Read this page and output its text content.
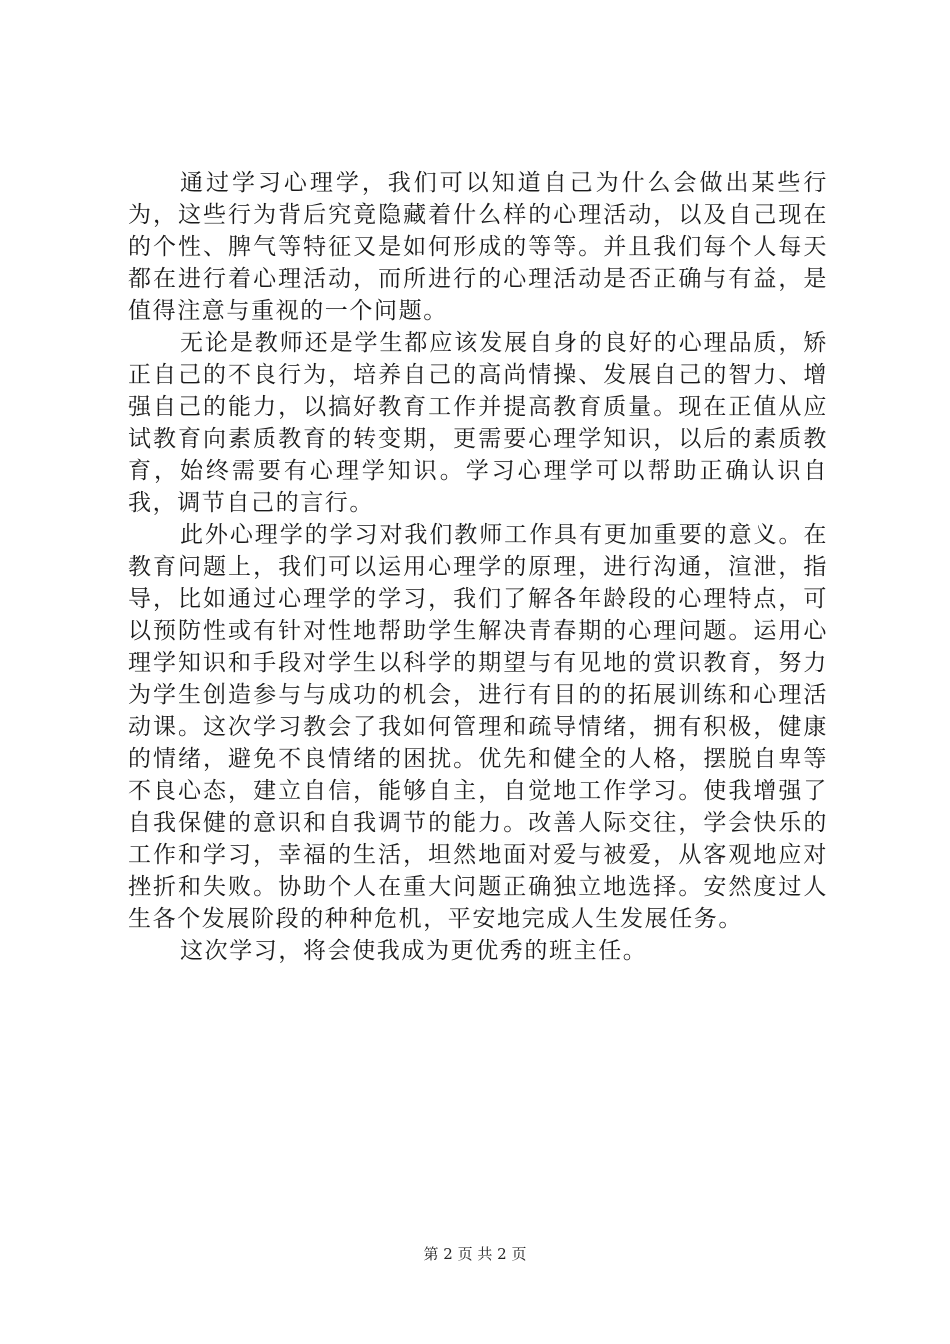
通过学习心理学，我们可以知道自己为什么会做出某些行为，这些行为背后究竟隐藏着什么样的心理活动，以及自己现在的个性、脾气等特征又是如何形成的等等。并且我们每个人每天都在进行着心理活动，而所进行的心理活动是否正确与有益，是值得注意与重视的一个问题。

无论是教师还是学生都应该发展自身的良好的心理品质，矫正自己的不良行为，培养自己的高尚情操、发展自己的智力、增强自己的能力，以搞好教育工作并提高教育质量。现在正值从应试教育向素质教育的转变期，更需要心理学知识，以后的素质教育，始终需要有心理学知识。学习心理学可以帮助正确认识自我，调节自己的言行。

此外心理学的学习对我们教师工作具有更加重要的意义。在教育问题上，我们可以运用心理学的原理，进行沟通，渲泄，指导，比如通过心理学的学习，我们了解各年龄段的心理特点，可以预防性或有针对性地帮助学生解决青春期的心理问题。运用心理学知识和手段对学生以科学的期望与有见地的赏识教育，努力为学生创造参与与成功的机会，进行有目的的拓展训练和心理活动课。这次学习教会了我如何管理和疏导情绪，拥有积极，健康的情绪，避免不良情绪的困扰。优先和健全的人格，摆脱自卑等不良心态，建立自信，能够自主，自觉地工作学习。使我增强了自我保健的意识和自我调节的能力。改善人际交往，学会快乐的工作和学习，幸福的生活，坦然地面对爱与被爱，从客观地应对挫折和失败。协助个人在重大问题正确独立地选择。安然度过人生各个发展阶段的种种危机，平安地完成人生发展任务。

这次学习，将会使我成为更优秀的班主任。

第 2 页 共 2 页
